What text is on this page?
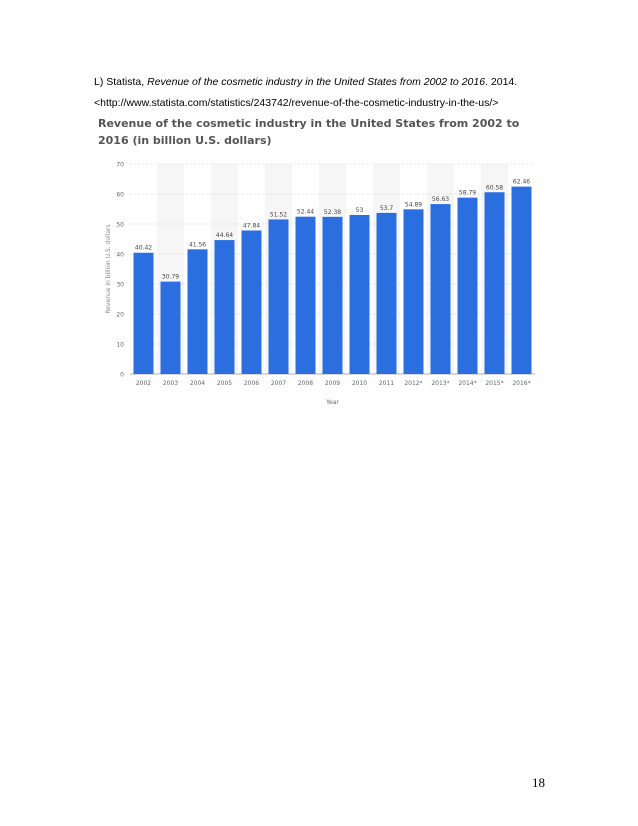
L) Statista, Revenue of the cosmetic industry in the United States from 2002 to 2016. 2014.
<http://www.statista.com/statistics/243742/revenue-of-the-cosmetic-industry-in-the-us/>
Revenue of the cosmetic industry in the United States from 2002 to 2016 (in billion U.S. dollars)
0
10
20
30
40
50
60
70
40.42
2002
30.79
2003
41.56
2004
44.64
2005
47.84
2006
51.52
2007
52.44
2008
52.38
2009
53
2010
53.7
2011
54.89
2012*
56.63
2013*
58.79
2014*
60.58
2015*
62.46
2016*
Year
Revenue in billion U.S. dollars
18
